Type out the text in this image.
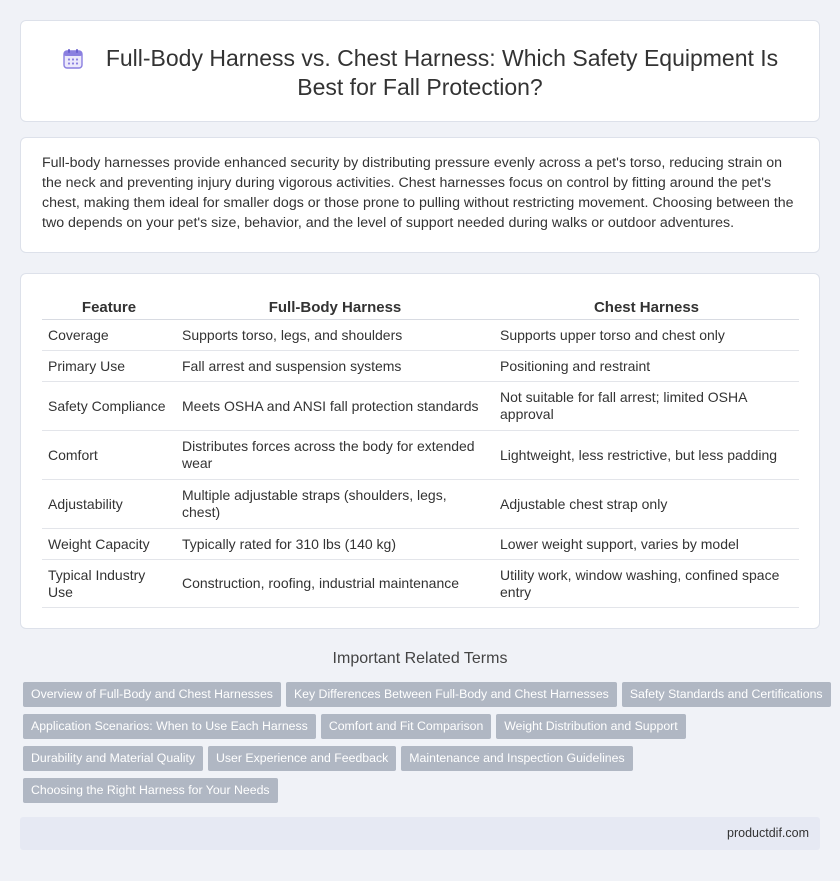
Full-Body Harness vs. Chest Harness: Which Safety Equipment Is Best for Fall Protection?

Full-body harnesses provide enhanced security by distributing pressure evenly across a pet's torso, reducing strain on the neck and preventing injury during vigorous activities. Chest harnesses focus on control by fitting around the pet's chest, making them ideal for smaller dogs or those prone to pulling without restricting movement. Choosing between the two depends on your pet's size, behavior, and the level of support needed during walks or outdoor adventures.

Feature	Full-Body Harness	Chest Harness
Coverage	Supports torso, legs, and shoulders	Supports upper torso and chest only
Primary Use	Fall arrest and suspension systems	Positioning and restraint
Safety Compliance	Meets OSHA and ANSI fall protection standards	Not suitable for fall arrest; limited OSHA approval
Comfort	Distributes forces across the body for extended wear	Lightweight, less restrictive, but less padding
Adjustability	Multiple adjustable straps (shoulders, legs, chest)	Adjustable chest strap only
Weight Capacity	Typically rated for 310 lbs (140 kg)	Lower weight support, varies by model
Typical Industry Use	Construction, roofing, industrial maintenance	Utility work, window washing, confined space entry
Important Related Terms
Overview of Full-Body and Chest Harnesses Key Differences Between Full-Body and Chest Harnesses Safety Standards and Certifications
Application Scenarios: When to Use Each Harness Comfort and Fit Comparison Weight Distribution and Support
Durability and Material Quality User Experience and Feedback Maintenance and Inspection Guidelines
Choosing the Right Harness for Your Needs
productdif.com
